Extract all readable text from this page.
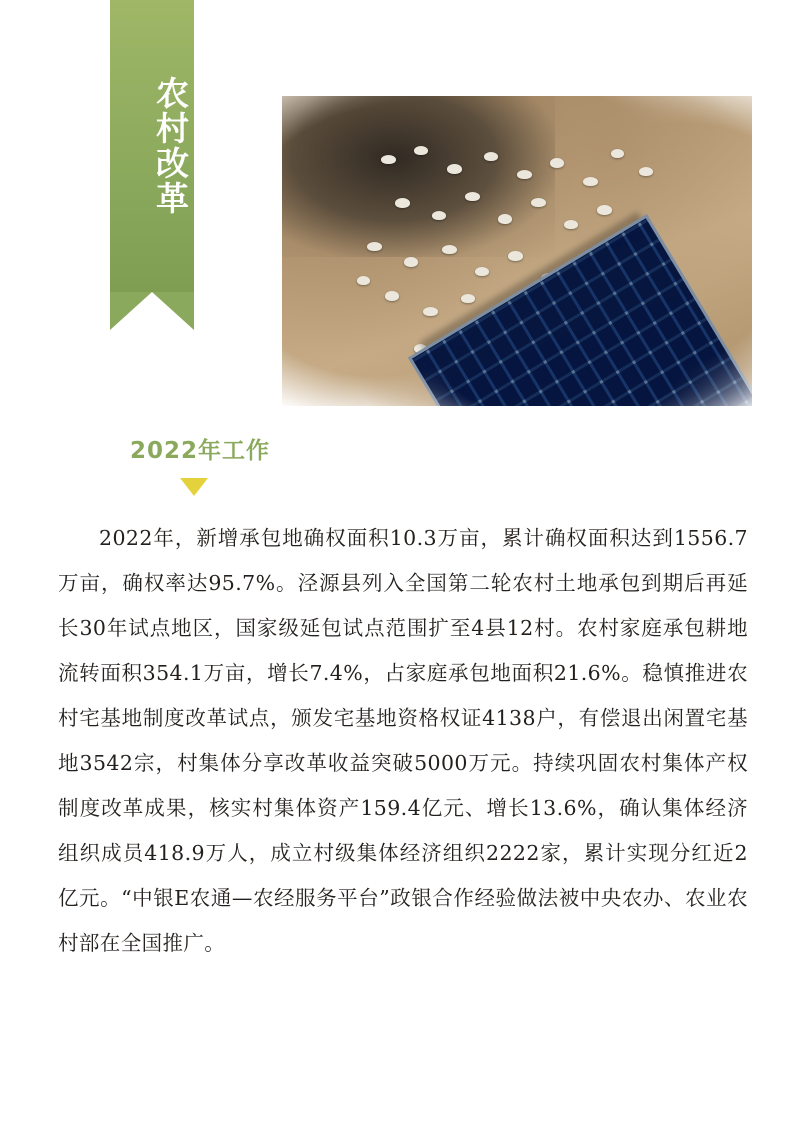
农村改革
2022年工作
2022年，新增承包地确权面积10.3万亩，累计确权面积达到1556.7万亩，确权率达95.7%。泾源县列入全国第二轮农村土地承包到期后再延长30年试点地区，国家级延包试点范围扩至4县12村。农村家庭承包耕地流转面积354.1万亩，增长7.4%，占家庭承包地面积21.6%。稳慎推进农村宅基地制度改革试点，颁发宅基地资格权证4138户，有偿退出闲置宅基地3542宗，村集体分享改革收益突破5000万元。持续巩固农村集体产权制度改革成果，核实村集体资产159.4亿元、增长13.6%，确认集体经济组织成员418.9万人，成立村级集体经济组织2222家，累计实现分红近2亿元。“中银E农通—农经服务平台”政银合作经验做法被中央农办、农业农村部在全国推广。
